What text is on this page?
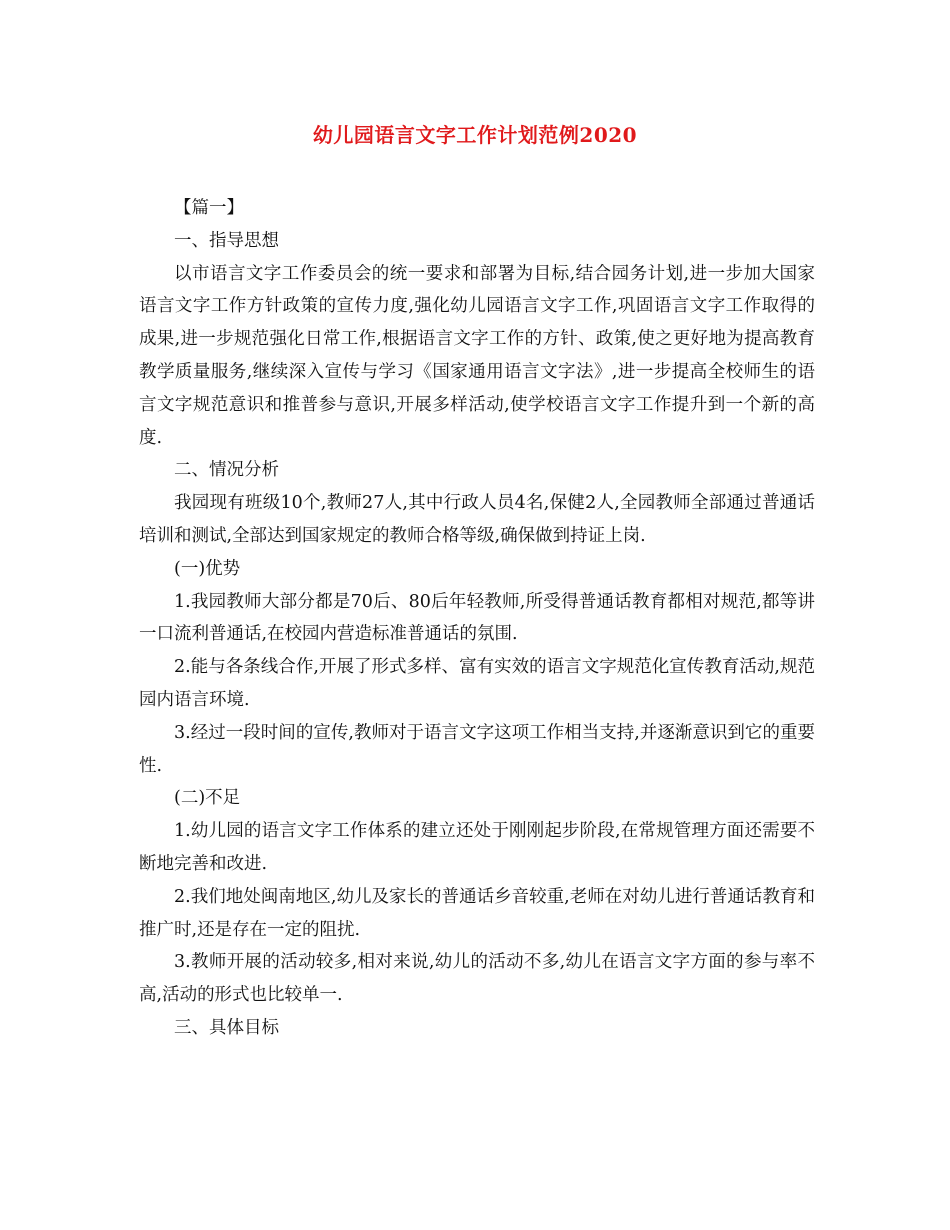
幼儿园语言文字工作计划范例2020

【篇一】

一、指导思想

以市语言文字工作委员会的统一要求和部署为目标,结合园务计划,进一步加大国家语言文字工作方针政策的宣传力度,强化幼儿园语言文字工作,巩固语言文字工作取得的成果,进一步规范强化日常工作,根据语言文字工作的方针、政策,使之更好地为提高教育教学质量服务,继续深入宣传与学习《国家通用语言文字法》,进一步提高全校师生的语言文字规范意识和推普参与意识,开展多样活动,使学校语言文字工作提升到一个新的高度.

二、情况分析

我园现有班级10个,教师27人,其中行政人员4名,保健2人,全园教师全部通过普通话培训和测试,全部达到国家规定的教师合格等级,确保做到持证上岗.

(一)优势

1.我园教师大部分都是70后、80后年轻教师,所受得普通话教育都相对规范,都等讲一口流利普通话,在校园内营造标准普通话的氛围.

2.能与各条线合作,开展了形式多样、富有实效的语言文字规范化宣传教育活动,规范园内语言环境.

3.经过一段时间的宣传,教师对于语言文字这项工作相当支持,并逐渐意识到它的重要性.

(二)不足

1.幼儿园的语言文字工作体系的建立还处于刚刚起步阶段,在常规管理方面还需要不断地完善和改进.

2.我们地处闽南地区,幼儿及家长的普通话乡音较重,老师在对幼儿进行普通话教育和推广时,还是存在一定的阻扰.

3.教师开展的活动较多,相对来说,幼儿的活动不多,幼儿在语言文字方面的参与率不高,活动的形式也比较单一.

三、具体目标
